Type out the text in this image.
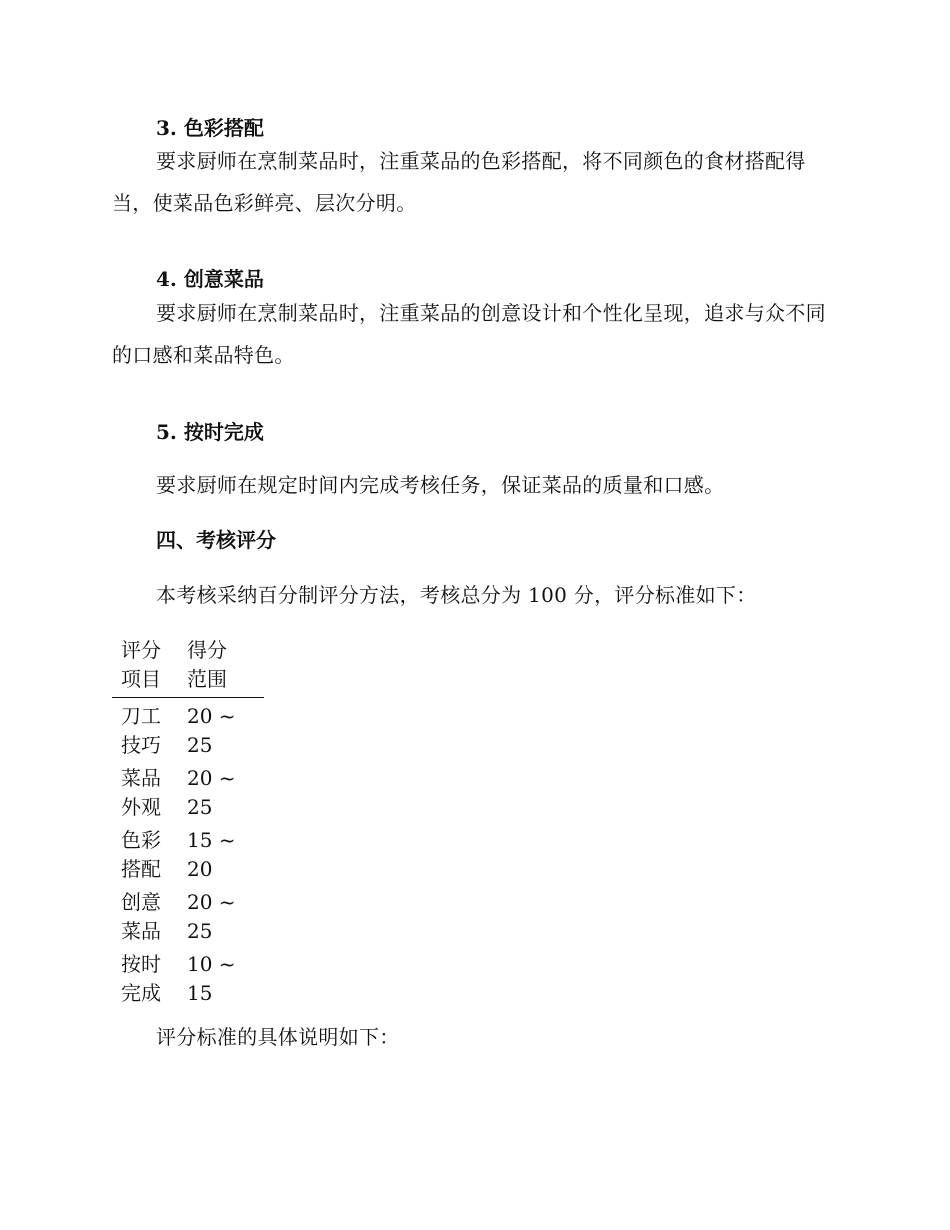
3. 色彩搭配

要求厨师在烹制菜品时，注重菜品的色彩搭配，将不同颜色的食材搭配得当，使菜品色彩鲜亮、层次分明。

4. 创意菜品

要求厨师在烹制菜品时，注重菜品的创意设计和个性化呈现，追求与众不同的口感和菜品特色。

5. 按时完成

要求厨师在规定时间内完成考核任务，保证菜品的质量和口感。

四、考核评分

本考核采纳百分制评分方法，考核总分为 100 分，评分标准如下：

评分
项目	得分
范围

刀工
技巧	20 ~
25

菜品
外观	20 ~
25

色彩
搭配	15 ~
20

创意
菜品	20 ~
25

按时
完成	10 ~
15

评分标准的具体说明如下：
